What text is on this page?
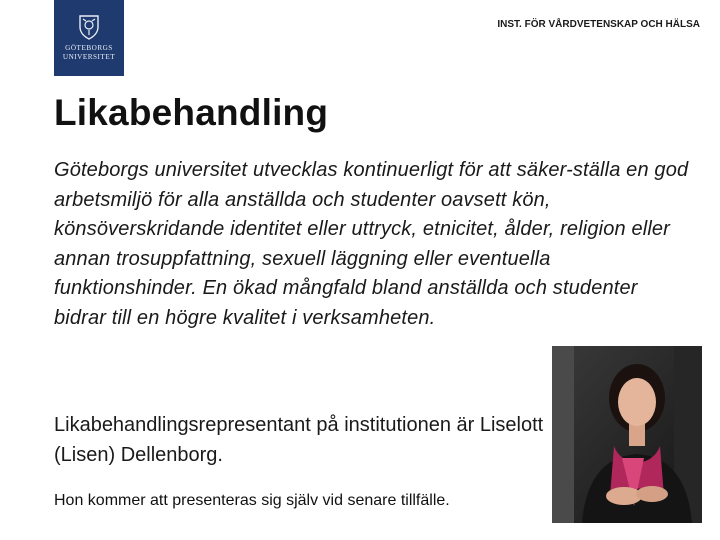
GÖTEBORGS
UNIVERSITET
INST. FÖR VÅRDVETENSKAP OCH HÄLSA
Likabehandling

Göteborgs universitet utvecklas kontinuerligt för att säker-ställa en god arbetsmiljö för alla anställda och studenter oavsett kön, könsöverskridande identitet eller uttryck, etnicitet, ålder, religion eller annan trosuppfattning, sexuell läggning eller eventuella funktionshinder. En ökad mångfald bland anställda och studenter bidrar till en högre kvalitet i verksamheten.

Likabehandlingsrepresentant på institutionen är Liselott (Lisen) Dellenborg.

Hon kommer att presenteras sig själv vid senare tillfälle.
